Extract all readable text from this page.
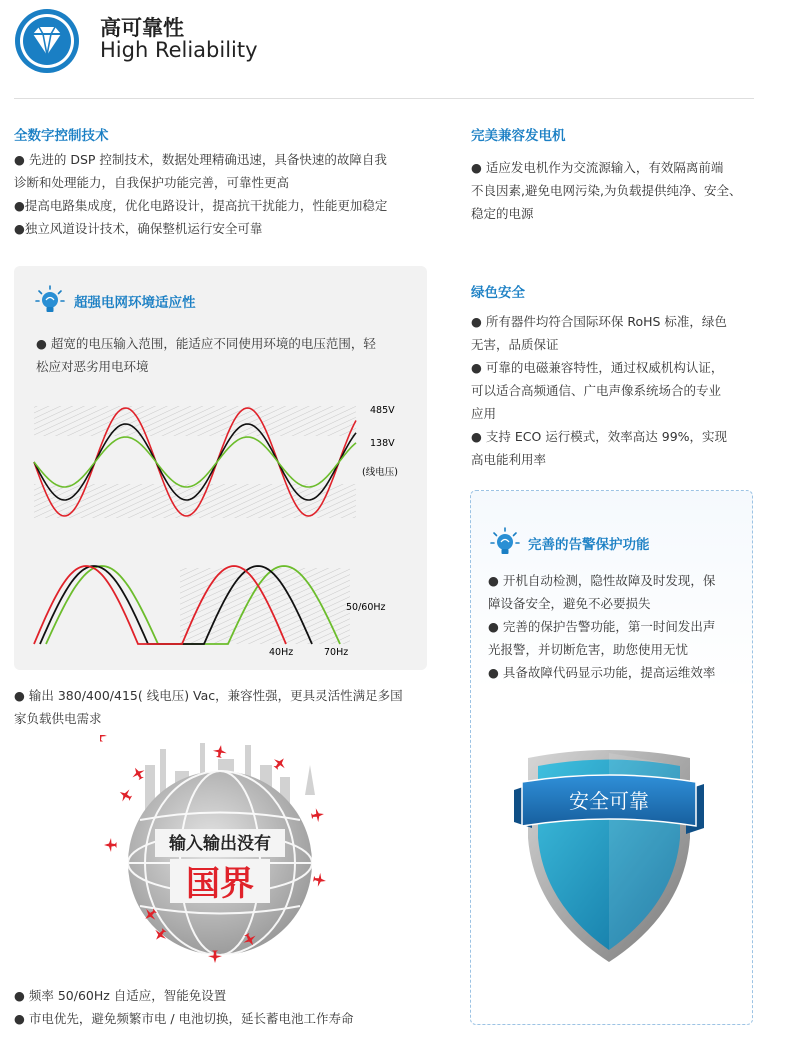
高可靠性
High Reliability
全数字控制技术

● 先进的 DSP 控制技术，数据处理精确迅速，具备快速的故障自我

诊断和处理能力，自我保护功能完善，可靠性更高

●提高电路集成度，优化电路设计，提高抗干扰能力，性能更加稳定

●独立风道设计技术，确保整机运行安全可靠

完美兼容发电机

● 适应发电机作为交流源输入，有效隔离前端

不良因素,避免电网污染,为负载提供纯净、安全、

稳定的电源

超强电网环境适应性

● 超宽的电压输入范围，能适应不同使用环境的电压范围，轻

松应对恶劣用电环境

485V
138V
(线电压)
50/60Hz
40Hz	70Hz
绿色安全

● 所有器件均符合国际环保 RoHS 标准，绿色

无害，品质保证

● 可靠的电磁兼容特性，通过权威机构认证，

可以适合高频通信、广电声像系统场合的专业

应用

● 支持 ECO 运行模式，效率高达 99%，实现

高电能利用率

● 输出 380/400/415( 线电压) Vac，兼容性强，更具灵活性满足多国

家负载供电需求

输入输出没有
国界

● 频率 50/60Hz 自适应，智能免设置

● 市电优先，避免频繁市电 / 电池切换，延长蓄电池工作寿命

完善的告警保护功能

● 开机自动检测，隐性故障及时发现，保

障设备安全，避免不必要损失

● 完善的保护告警功能，第一时间发出声

光报警，并切断危害，助您使用无忧

● 具备故障代码显示功能，提高运维效率

安全可靠
